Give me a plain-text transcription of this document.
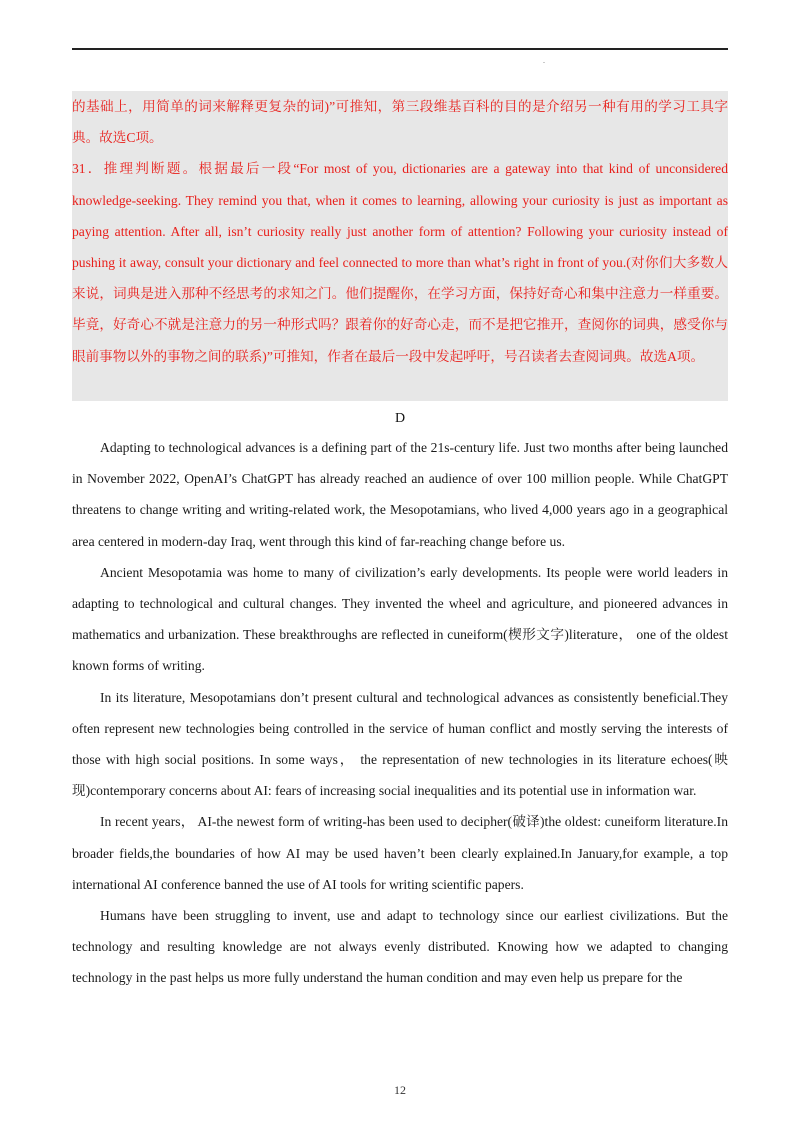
.

的基础上，用简单的词来解释更复杂的词)”可推知，第三段维基百科的目的是介绍另一种有用的学习工具字典。故选C项。

31．推理判断题。根据最后一段“For most of you, dictionaries are a gateway into that kind of unconsidered knowledge-seeking. They remind you that, when it comes to learning, allowing your curiosity is just as important as paying attention. After all, isn’t curiosity really just another form of attention? Following your curiosity instead of pushing it away, consult your dictionary and feel connected to more than what’s right in front of you.(对你们大多数人来说，词典是进入那种不经思考的求知之门。他们提醒你，在学习方面，保持好奇心和集中注意力一样重要。毕竟，好奇心不就是注意力的另一种形式吗？跟着你的好奇心走，而不是把它推开，查阅你的词典，感受你与眼前事物以外的事物之间的联系)”可推知，作者在最后一段中发起呼吁，号召读者去查阅词典。故选A项。

D

Adapting to technological advances is a defining part of the 21s-century life. Just two months after being launched in November 2022, OpenAI’s ChatGPT has already reached an audience of over 100 million people. While ChatGPT threatens to change writing and writing-related work, the Mesopotamians, who lived 4,000 years ago in a geographical area centered in modern-day Iraq, went through this kind of far-reaching change before us.

Ancient Mesopotamia was home to many of civilization’s early developments. Its people were world leaders in adapting to technological and cultural changes. They invented the wheel and agriculture, and pioneered advances in mathematics and urbanization. These breakthroughs are reflected in cuneiform(楔形文字)literature， one of the oldest known forms of writing.

In its literature, Mesopotamians don’t present cultural and technological advances as consistently beneficial.They often represent new technologies being controlled in the service of human conflict and mostly serving the interests of those with high social positions. In some ways， the representation of new technologies in its literature echoes(映现)contemporary concerns about AI: fears of increasing social inequalities and its potential use in information war.

In recent years， AI-the newest form of writing-has been used to decipher(破译)the oldest: cuneiform literature.In broader fields,the boundaries of how AI may be used haven’t been clearly explained.In January,for example, a top international AI conference banned the use of AI tools for writing scientific papers.

Humans have been struggling to invent, use and adapt to technology since our earliest civilizations. But the technology and resulting knowledge are not always evenly distributed. Knowing how we adapted to changing technology in the past helps us more fully understand the human condition and may even help us prepare for the

12
